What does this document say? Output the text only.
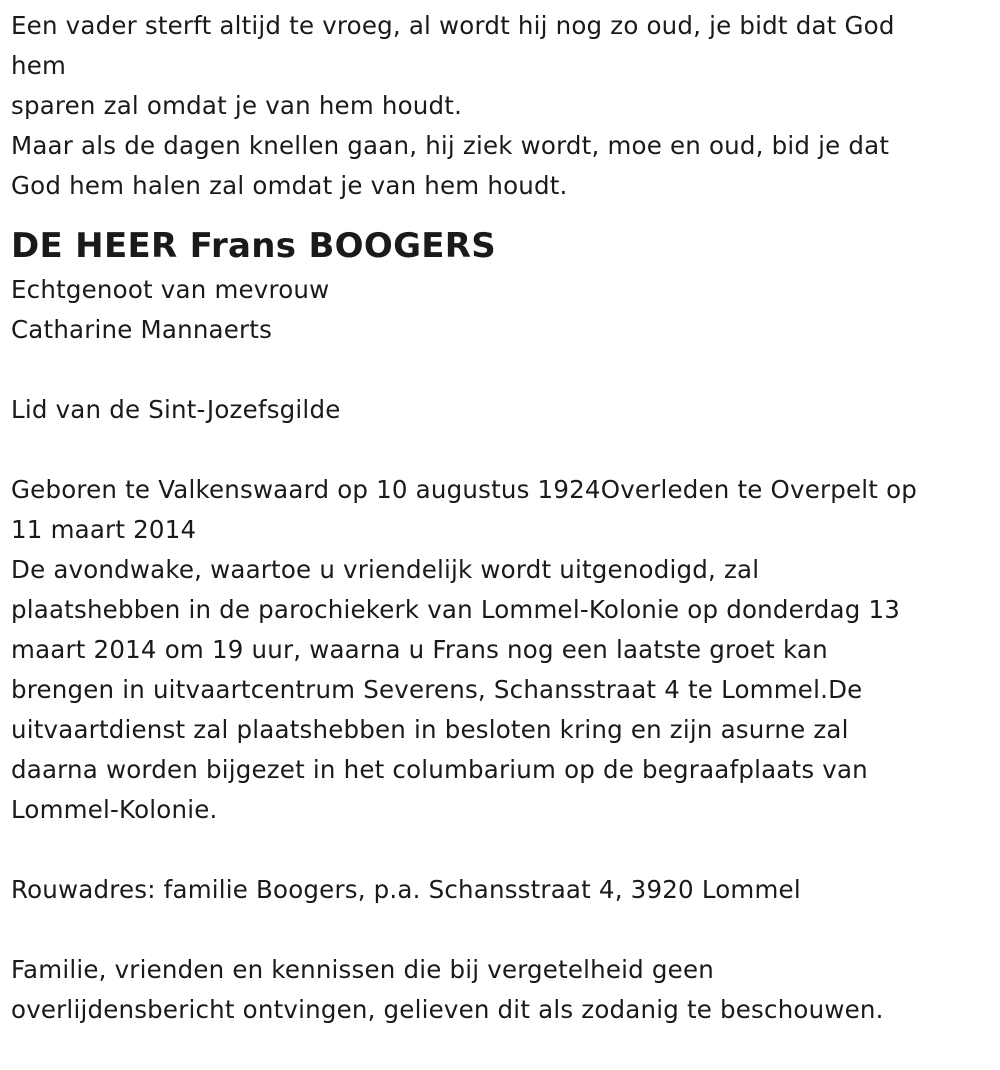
Een vader sterft altijd te vroeg, al wordt hij nog zo oud, je bidt dat God
hem
sparen zal omdat je van hem houdt.
Maar als de dagen knellen gaan, hij ziek wordt, moe en oud, bid je dat
God hem halen zal omdat je van hem houdt.
DE HEER Frans BOOGERS
Echtgenoot van mevrouw
Catharine Mannaerts
Lid van de Sint-Jozefsgilde
Geboren te Valkenswaard op 10 augustus 1924Overleden te Overpelt op
11 maart 2014
De avondwake, waartoe u vriendelijk wordt uitgenodigd, zal
plaatshebben in de parochiekerk van Lommel-Kolonie op donderdag 13
maart 2014 om 19 uur, waarna u Frans nog een laatste groet kan
brengen in uitvaartcentrum Severens, Schansstraat 4 te Lommel.De
uitvaartdienst zal plaatshebben in besloten kring en zijn asurne zal
daarna worden bijgezet in het columbarium op de begraafplaats van
Lommel-Kolonie.
Rouwadres: familie Boogers, p.a. Schansstraat 4, 3920 Lommel
Familie, vrienden en kennissen die bij vergetelheid geen
overlijdensbericht ontvingen, gelieven dit als zodanig te beschouwen.
